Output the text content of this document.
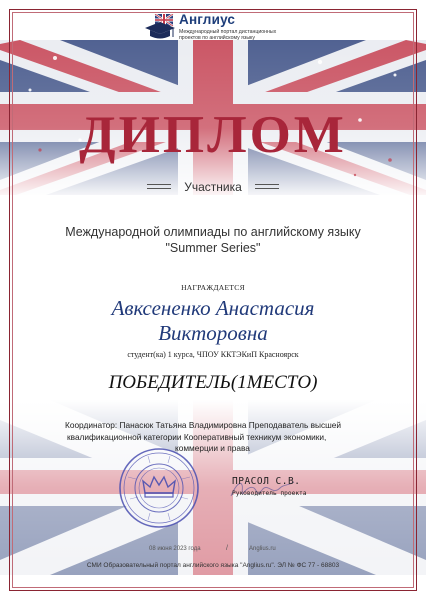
Англиус
Международный портал дистанционных проектов по английскому языку
ДИПЛОМ
Участника
Международной олимпиады по английскому языку
"Summer Series"
НАГРАЖДАЕТСЯ
Авксененко Анастасия
Викторовна
студент(ка) 1 курса, ЧПОУ ККТЭКиП Красноярск
ПОБЕДИТЕЛЬ(1МЕСТО)
Координатор: Панасюк Татьяна Владимировна Преподаватель высшей
квалификационной категории Кооперативный техникум экономики,
коммерции и права
ПРАСОЛ С.В.
Руководитель проекта
08 июня 2023 года	/	Anglius.ru
СМИ Образовательный портал английского языка "Anglius.ru". ЭЛ № ФС 77 - 68803
